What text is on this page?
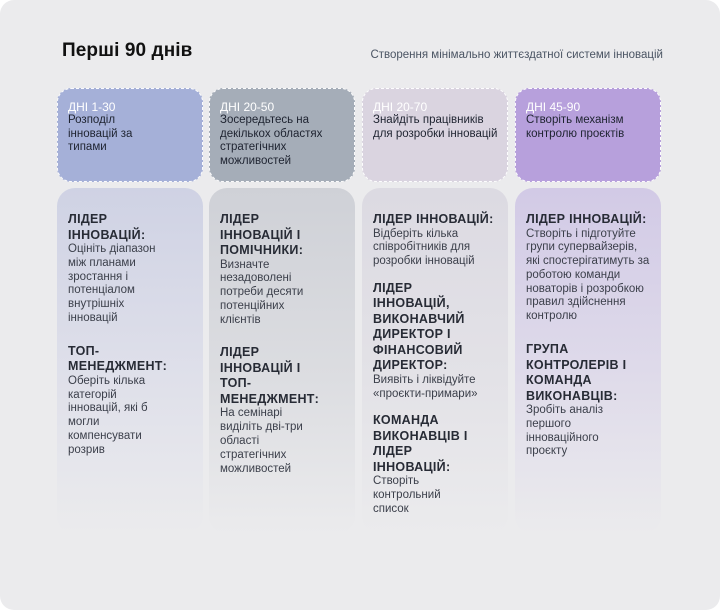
Перші 90 днів	Створення мінімально життєздатної системи інновацій
ДНІ 1-30
Розподіл інновацій за типами
ЛІДЕР ІННОВАЦІЙ:
Оцініть діапазон між планами зростання і потенціалом внутрішніх інновацій
ТОП-МЕНЕДЖМЕНТ:
Оберіть кілька категорій інновацій, які б могли компенсувати розрив
ДНІ 20-50
Зосередьтесь на декількох областях стратегічних можливостей
ЛІДЕР ІННОВАЦІЙ І ПОМІЧНИКИ:
Визначте незадоволені потреби десяти потенційних клієнтів
ЛІДЕР ІННОВАЦІЙ І ТОП-МЕНЕДЖМЕНТ:
На семінарі виділіть дві-три області стратегічних можливостей
ДНІ 20-70
Знайдіть працівників для розробки інновацій
ЛІДЕР ІННОВАЦІЙ:
Відберіть кілька співробітників для розробки інновацій
ЛІДЕР ІННОВАЦІЙ, ВИКОНАВЧИЙ ДИРЕКТОР І ФІНАНСОВИЙ ДИРЕКТОР:
Виявіть і ліквідуйте «проєкти-примари»
КОМАНДА ВИКОНАВЦІВ І ЛІДЕР ІННОВАЦІЙ:
Створіть контрольний список
ДНІ 45-90
Створіть механізм контролю проєктів
ЛІДЕР ІННОВАЦІЙ:
Створіть і підготуйте групи супервайзерів, які спостерігатимуть за роботою команди новаторів і розробкою правил здійснення контролю
ГРУПА КОНТРОЛЕРІВ І КОМАНДА ВИКОНАВЦІВ:
Зробіть аналіз першого інноваційного проєкту
